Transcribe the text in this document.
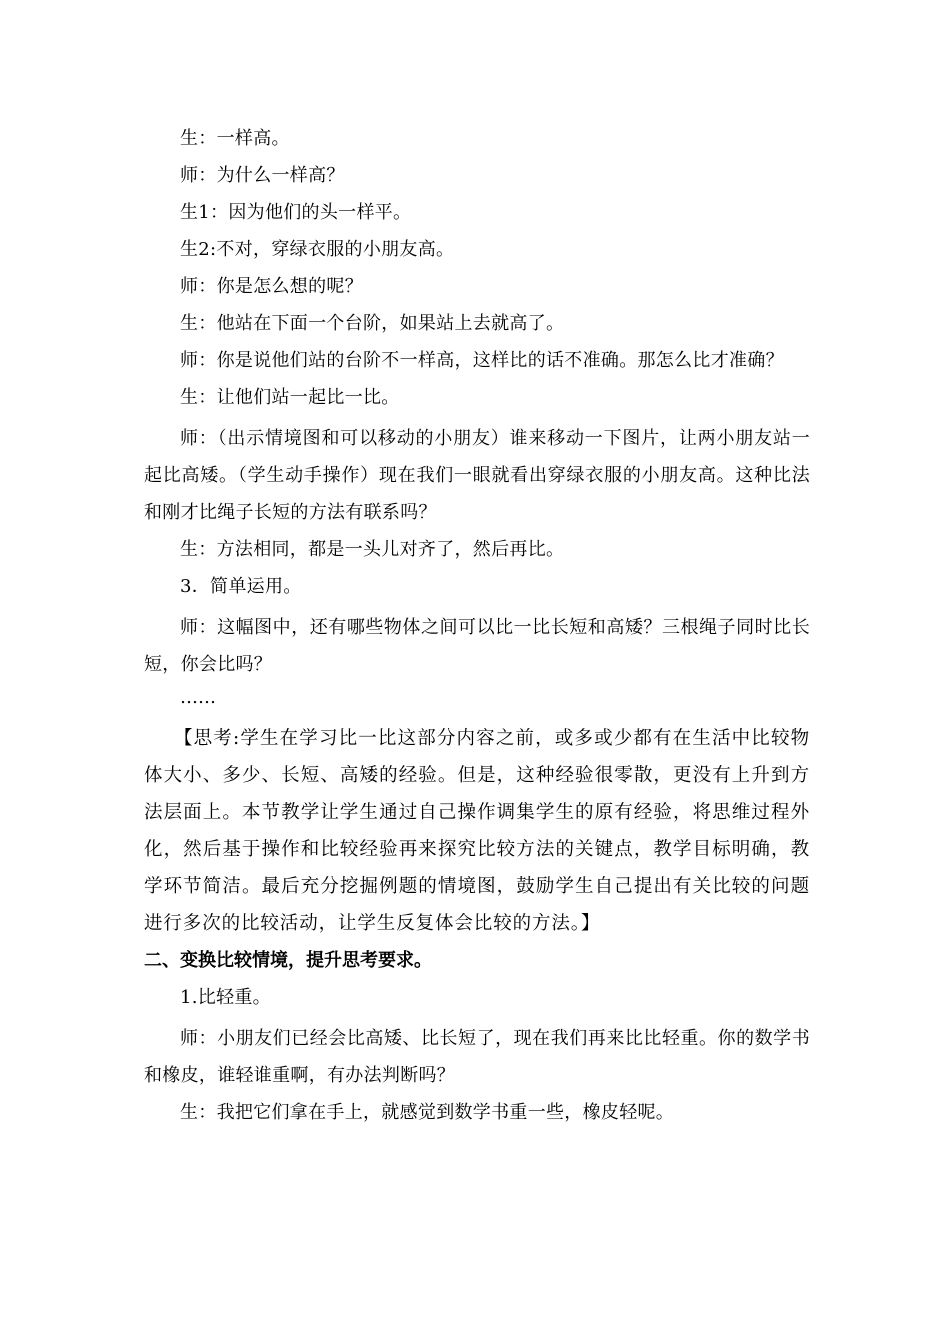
生：一样高。

师：为什么一样高？

生1：因为他们的头一样平。

生2:不对，穿绿衣服的小朋友高。

师：你是怎么想的呢？

生：他站在下面一个台阶，如果站上去就高了。

师：你是说他们站的台阶不一样高，这样比的话不准确。那怎么比才准确？

生：让他们站一起比一比。

师：（出示情境图和可以移动的小朋友）谁来移动一下图片，让两小朋友站一起比高矮。（学生动手操作）现在我们一眼就看出穿绿衣服的小朋友高。这种比法和刚才比绳子长短的方法有联系吗？

生：方法相同，都是一头儿对齐了，然后再比。

3．简单运用。

师：这幅图中，还有哪些物体之间可以比一比长短和高矮？三根绳子同时比长短，你会比吗？

……

【思考:学生在学习比一比这部分内容之前，或多或少都有在生活中比较物体大小、多少、长短、高矮的经验。但是，这种经验很零散，更没有上升到方法层面上。本节教学让学生通过自己操作调集学生的原有经验，将思维过程外化，然后基于操作和比较经验再来探究比较方法的关键点，教学目标明确，教学环节简洁。最后充分挖掘例题的情境图，鼓励学生自己提出有关比较的问题进行多次的比较活动，让学生反复体会比较的方法。】

二、变换比较情境，提升思考要求。

1.比轻重。

师：小朋友们已经会比高矮、比长短了，现在我们再来比比轻重。你的数学书和橡皮，谁轻谁重啊，有办法判断吗？

生：我把它们拿在手上，就感觉到数学书重一些，橡皮轻呢。
